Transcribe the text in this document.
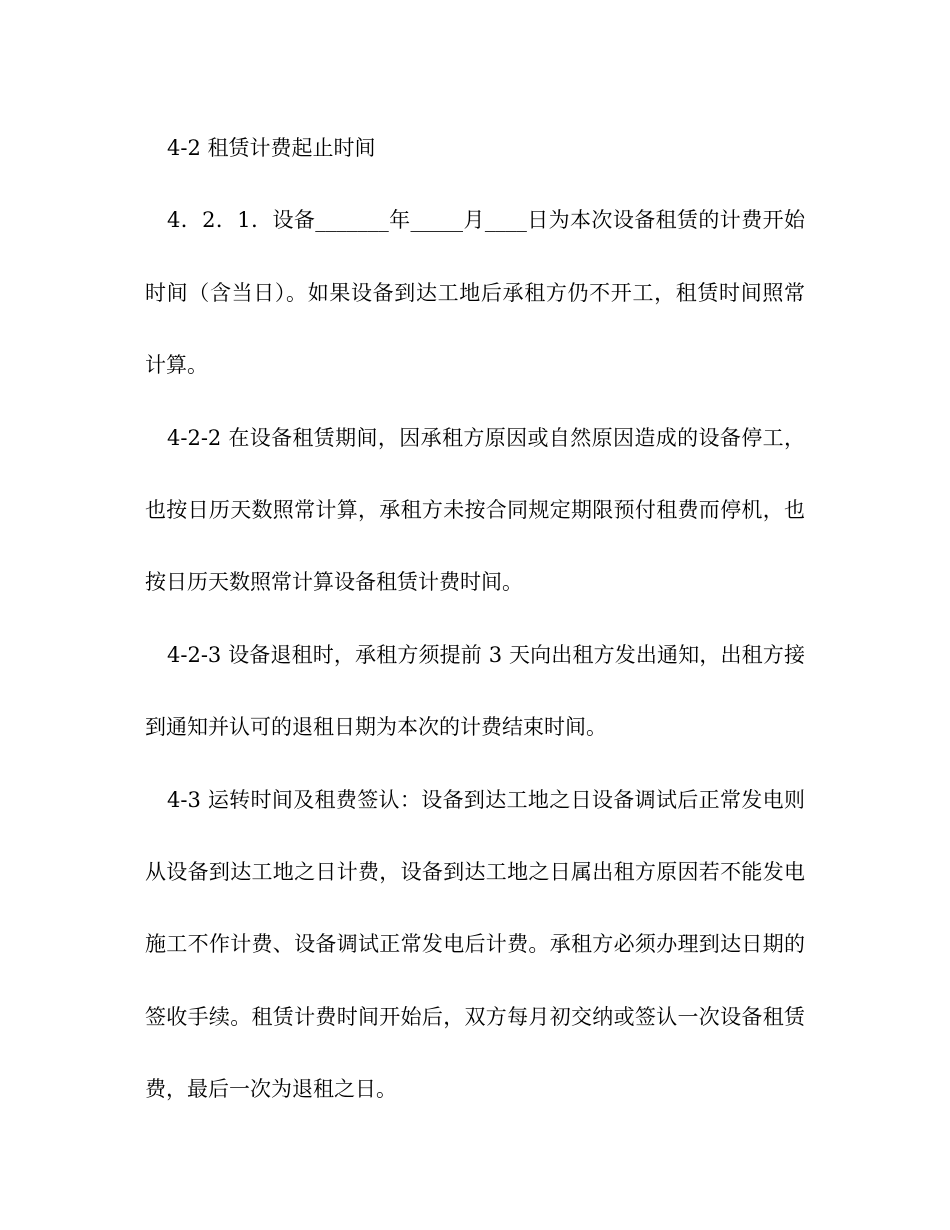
4-2 租赁计费起止时间

4．2．1．设备_______年_____月____日为本次设备租赁的计费开始时间（含当日）。如果设备到达工地后承租方仍不开工，租赁时间照常计算。

4-2-2 在设备租赁期间，因承租方原因或自然原因造成的设备停工，也按日历天数照常计算，承租方未按合同规定期限预付租费而停机，也按日历天数照常计算设备租赁计费时间。

4-2-3 设备退租时，承租方须提前 3 天向出租方发出通知，出租方接到通知并认可的退租日期为本次的计费结束时间。

4-3 运转时间及租费签认：设备到达工地之日设备调试后正常发电则从设备到达工地之日计费，设备到达工地之日属出租方原因若不能发电施工不作计费、设备调试正常发电后计费。承租方必须办理到达日期的签收手续。租赁计费时间开始后，双方每月初交纳或签认一次设备租赁费，最后一次为退租之日。
